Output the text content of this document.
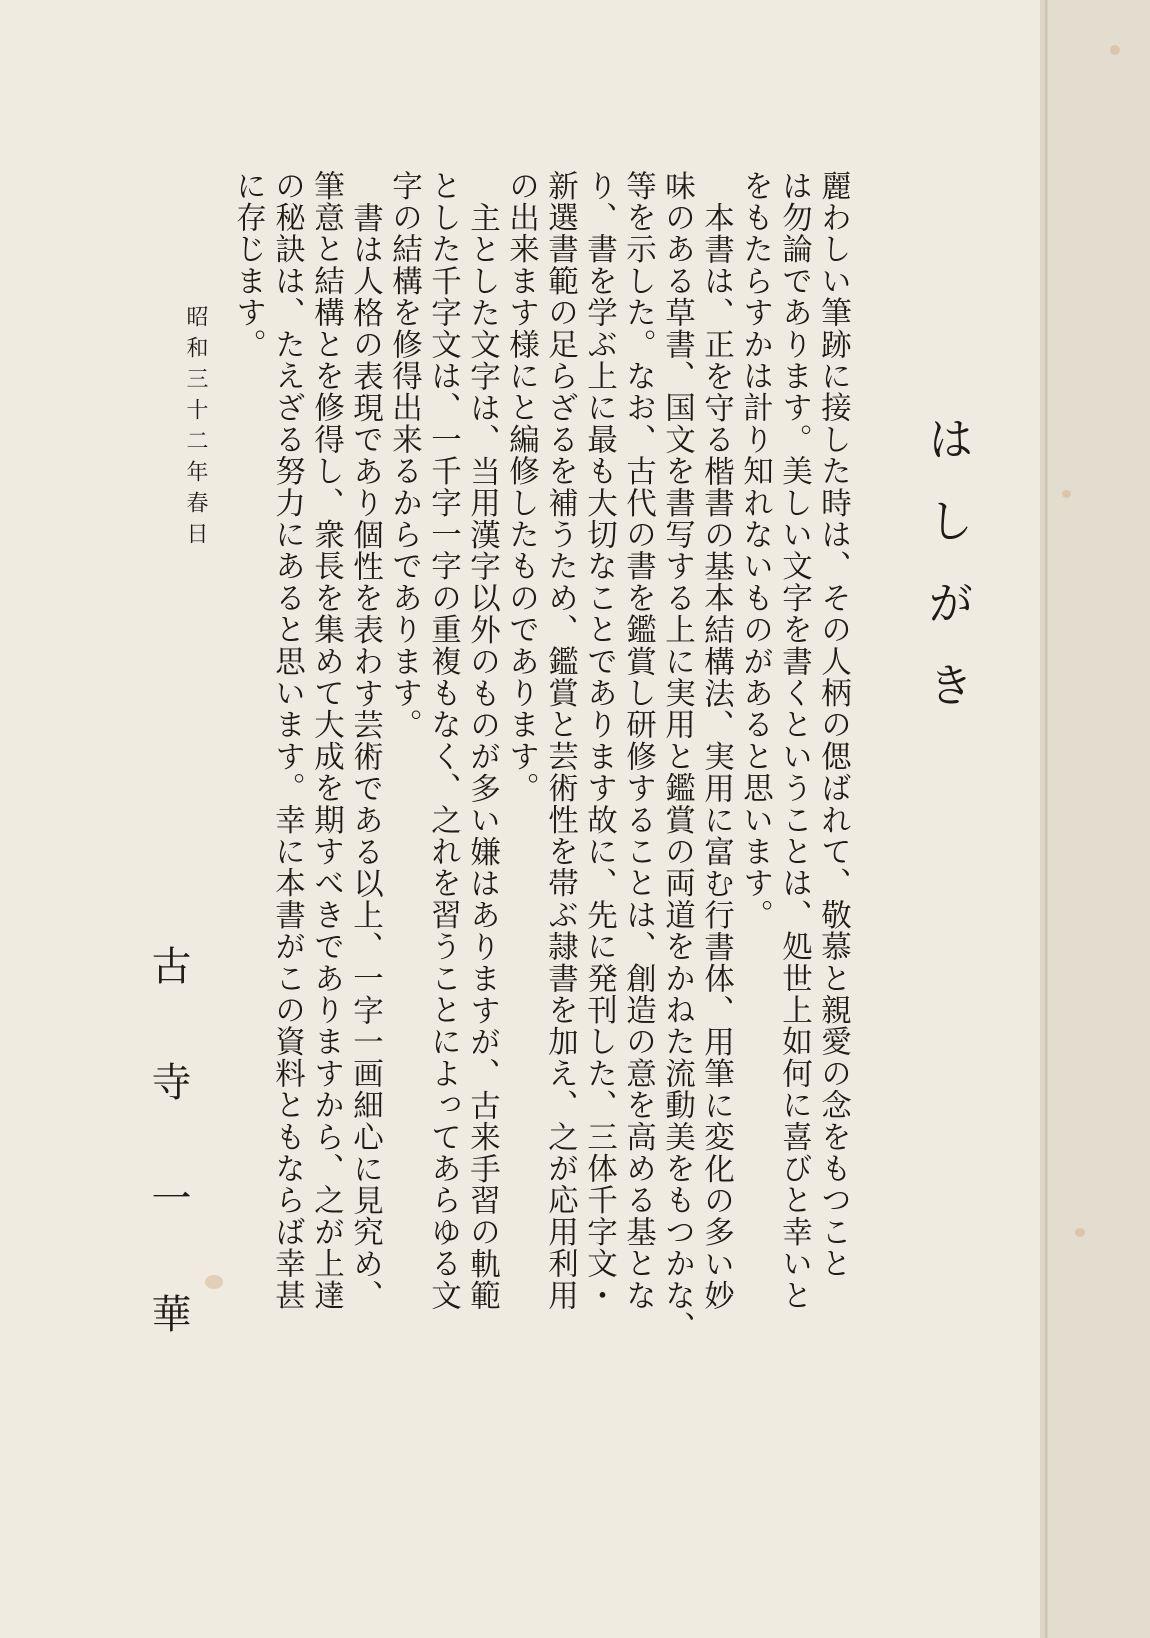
はしがき
麗わしい筆跡に接した時は、その人柄の偲ばれて、敬慕と親愛の念をもつこと
は勿論であります。美しい文字を書くということは、処世上如何に喜びと幸いと
をもたらすかは計り知れないものがあると思います。
本書は、正を守る楷書の基本結構法、実用に富む行書体、用筆に変化の多い妙
味のある草書、国文を書写する上に実用と鑑賞の両道をかねた流動美をもつかな、
等を示した。なお、古代の書を鑑賞し研修することは、創造の意を高める基とな
り、書を学ぶ上に最も大切なことであります故に、先に発刊した、三体千字文・
新選書範の足らざるを補うため、鑑賞と芸術性を帯ぶ隷書を加え、之が応用利用
の出来ます様にと編修したものであります。
主とした文字は、当用漢字以外のものが多い嫌はありますが、古来手習の軌範
とした千字文は、一千字一字の重複もなく、之れを習うことによってあらゆる文
字の結構を修得出来るからであります。
書は人格の表現であり個性を表わす芸術である以上、一字一画細心に見究め、
筆意と結構とを修得し、衆長を集めて大成を期すべきでありますから、之が上達
の秘訣は、たえざる努力にあると思います。幸に本書がこの資料ともならば幸甚
に存じます。
昭和三十二年春日
古寺一華
